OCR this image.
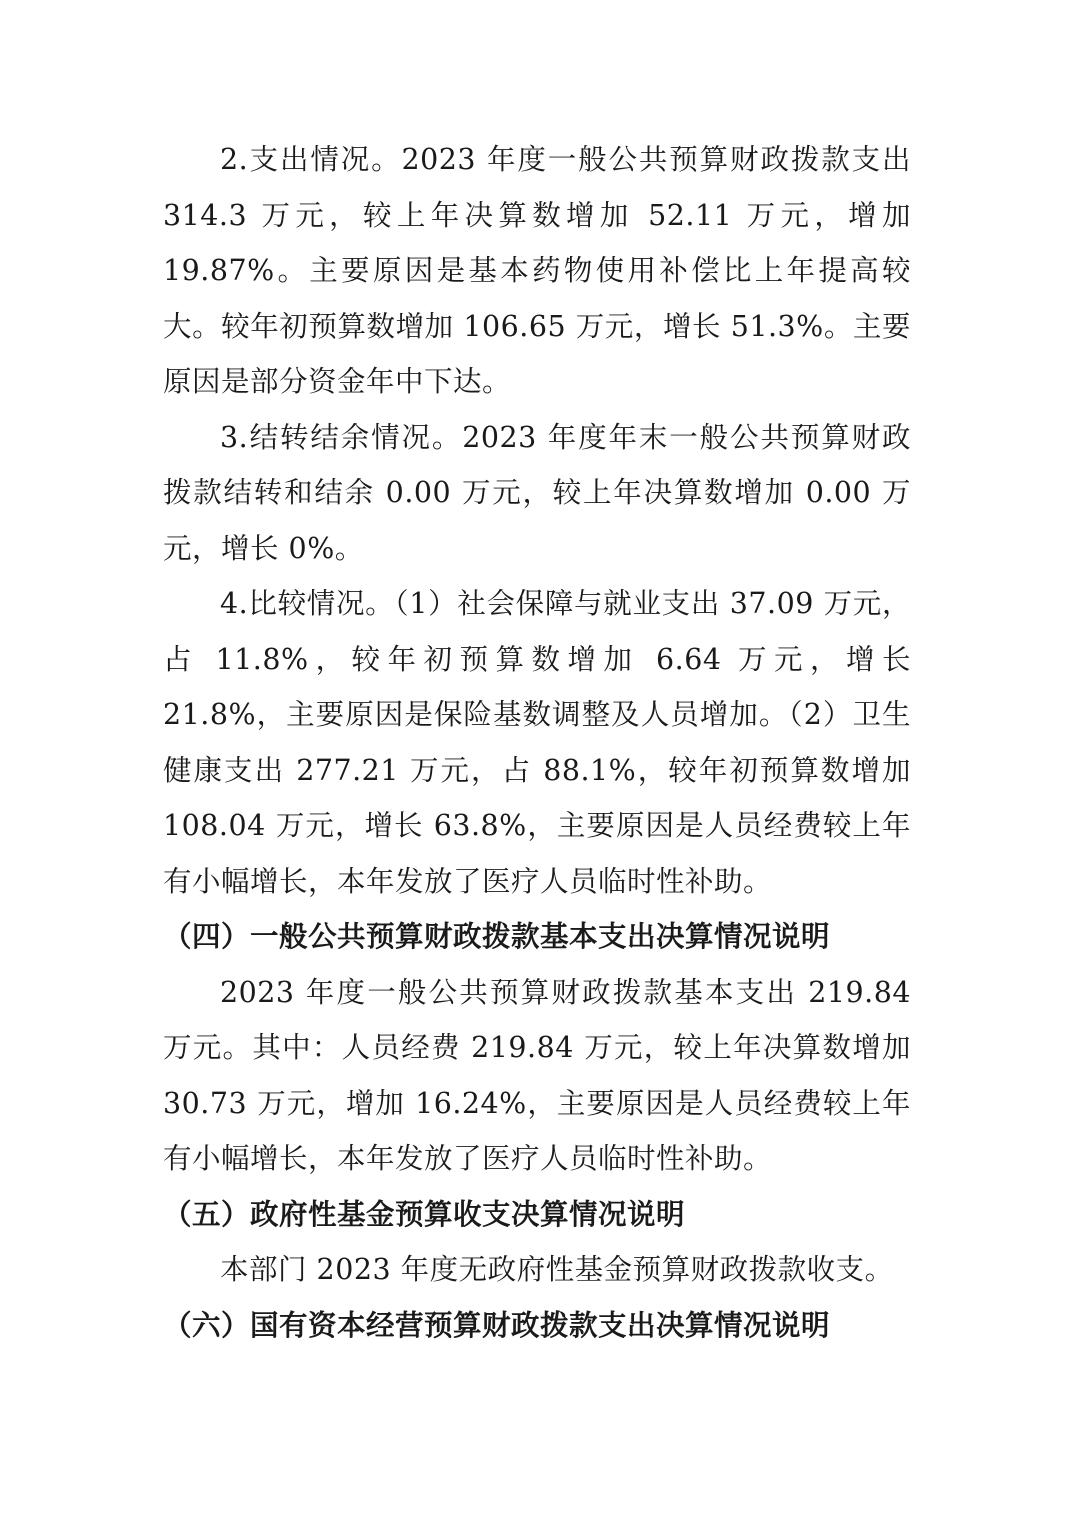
2.支出情况。2023 年度一般公共预算财政拨款支出 314.3 万元，较上年决算数增加 52.11 万元，增加 19.87%。主要原因是基本药物使用补偿比上年提高较大。较年初预算数增加 106.65 万元，增长 51.3%。主要原因是部分资金年中下达。

3.结转结余情况。2023 年度年末一般公共预算财政拨款结转和结余 0.00 万元，较上年决算数增加 0.00 万元，增长 0%。

4.比较情况。（1）社会保障与就业支出 37.09 万元，占 11.8%，较年初预算数增加 6.64 万元，增长 21.8%，主要原因是保险基数调整及人员增加。（2）卫生健康支出 277.21 万元，占 88.1%，较年初预算数增加 108.04 万元，增长 63.8%，主要原因是人员经费较上年有小幅增长，本年发放了医疗人员临时性补助。

（四）一般公共预算财政拨款基本支出决算情况说明

2023 年度一般公共预算财政拨款基本支出 219.84 万元。其中：人员经费 219.84 万元，较上年决算数增加 30.73 万元，增加 16.24%，主要原因是人员经费较上年有小幅增长，本年发放了医疗人员临时性补助。

（五）政府性基金预算收支决算情况说明

本部门 2023 年度无政府性基金预算财政拨款收支。

（六）国有资本经营预算财政拨款支出决算情况说明
